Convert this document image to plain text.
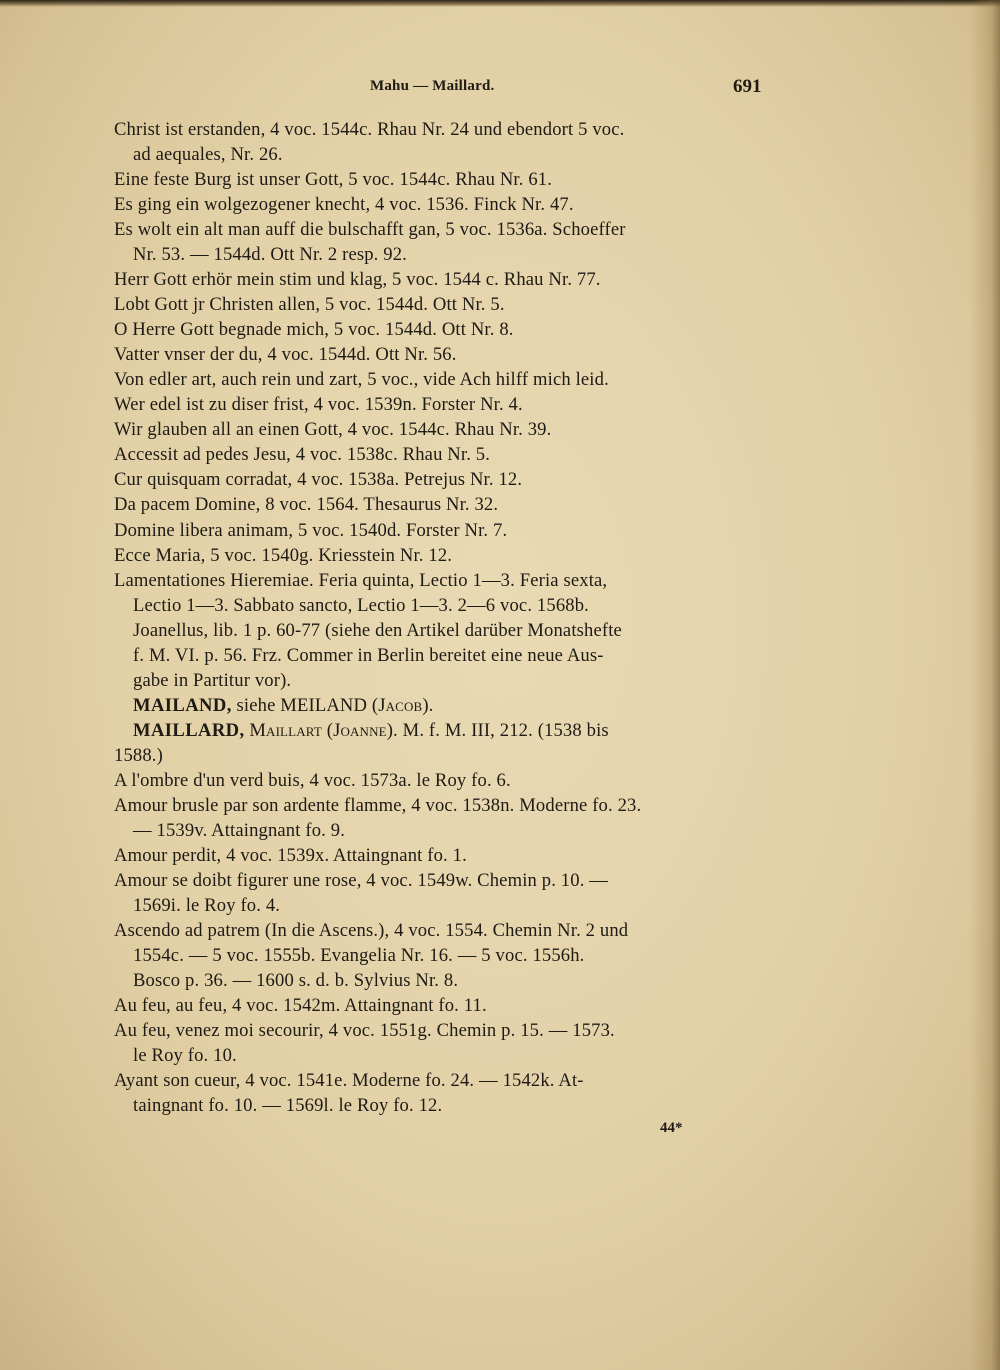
Mahu — Maillard.	691
Christ ist erstanden, 4 voc. 1544c. Rhau Nr. 24 und ebendort 5 voc.
ad aequales, Nr. 26.
Eine feste Burg ist unser Gott, 5 voc. 1544c. Rhau Nr. 61.
Es ging ein wolgezogener knecht, 4 voc. 1536. Finck Nr. 47.
Es wolt ein alt man auff die bulschafft gan, 5 voc. 1536a. Schoeffer
Nr. 53. — 1544d. Ott Nr. 2 resp. 92.
Herr Gott erhör mein stim und klag, 5 voc. 1544 c. Rhau Nr. 77.
Lobt Gott jr Christen allen, 5 voc. 1544d. Ott Nr. 5.
O Herre Gott begnade mich, 5 voc. 1544d. Ott Nr. 8.
Vatter vnser der du, 4 voc. 1544d. Ott Nr. 56.
Von edler art, auch rein und zart, 5 voc., vide Ach hilff mich leid.
Wer edel ist zu diser frist, 4 voc. 1539n. Forster Nr. 4.
Wir glauben all an einen Gott, 4 voc. 1544c. Rhau Nr. 39.
Accessit ad pedes Jesu, 4 voc. 1538c. Rhau Nr. 5.
Cur quisquam corradat, 4 voc. 1538a. Petrejus Nr. 12.
Da pacem Domine, 8 voc. 1564. Thesaurus Nr. 32.
Domine libera animam, 5 voc. 1540d. Forster Nr. 7.
Ecce Maria, 5 voc. 1540g. Kriesstein Nr. 12.
Lamentationes Hieremiae. Feria quinta, Lectio 1—3. Feria sexta,
Lectio 1—3. Sabbato sancto, Lectio 1—3. 2—6 voc. 1568b.
Joanellus, lib. 1 p. 60-77 (siehe den Artikel darüber Monatshefte
f. M. VI. p. 56. Frz. Commer in Berlin bereitet eine neue Aus-
gabe in Partitur vor).
MAILAND, siehe MEILAND (Jacob).
MAILLARD, Maillart (Joanne). M. f. M. III, 212. (1538 bis
1588.)
A l'ombre d'un verd buis, 4 voc. 1573a. le Roy fo. 6.
Amour brusle par son ardente flamme, 4 voc. 1538n. Moderne fo. 23.
— 1539v. Attaingnant fo. 9.
Amour perdit, 4 voc. 1539x. Attaingnant fo. 1.
Amour se doibt figurer une rose, 4 voc. 1549w. Chemin p. 10. —
1569i. le Roy fo. 4.
Ascendo ad patrem (In die Ascens.), 4 voc. 1554. Chemin Nr. 2 und
1554c. — 5 voc. 1555b. Evangelia Nr. 16. — 5 voc. 1556h.
Bosco p. 36. — 1600 s. d. b. Sylvius Nr. 8.
Au feu, au feu, 4 voc. 1542m. Attaingnant fo. 11.
Au feu, venez moi secourir, 4 voc. 1551g. Chemin p. 15. — 1573.
le Roy fo. 10.
Ayant son cueur, 4 voc. 1541e. Moderne fo. 24. — 1542k. At-
taingnant fo. 10. — 1569l. le Roy fo. 12.
44*
